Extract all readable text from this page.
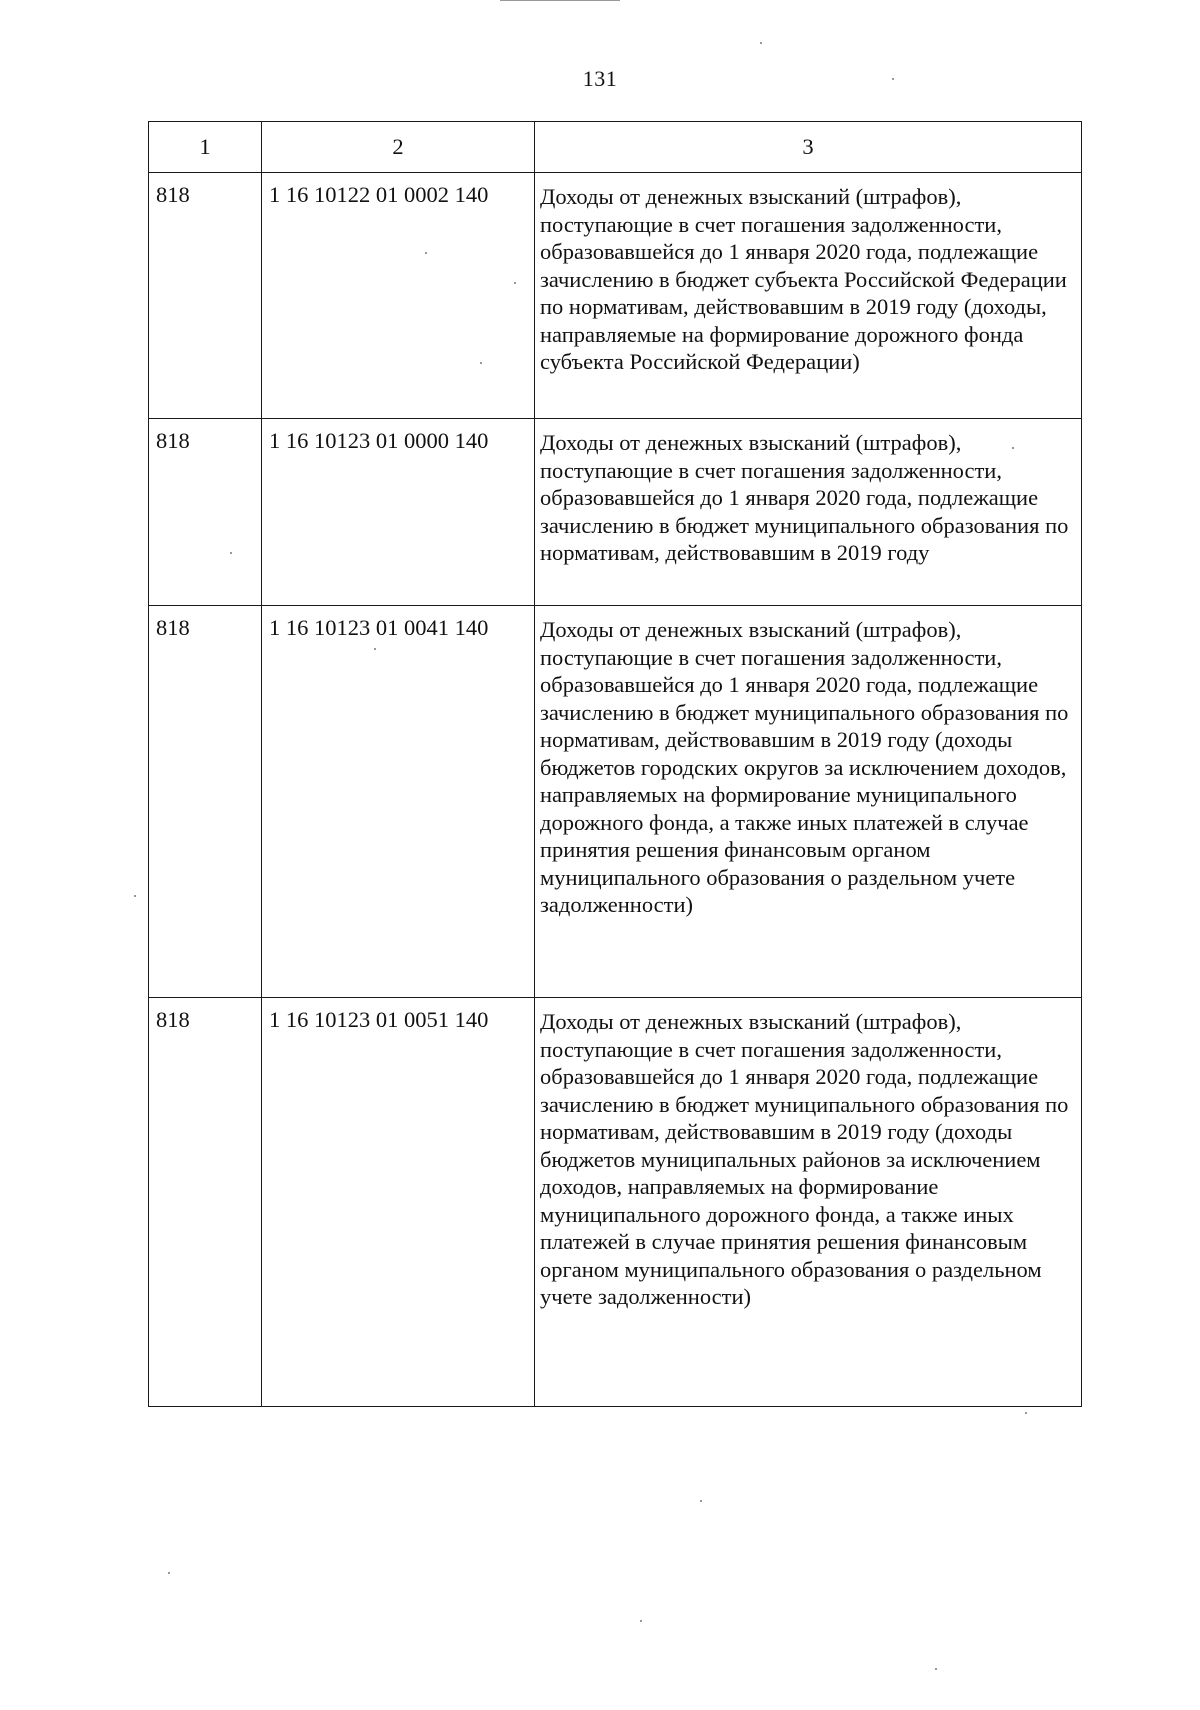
131
1	2	3

818	1 16 10122 01 0002 140	Доходы от денежных взысканий (штрафов), поступающие в счет погашения задолженности, образовавшейся до 1 января 2020 года, подлежащие зачислению в бюджет субъекта Российской Федерации по нормативам, действовавшим в 2019 году (доходы, направляемые на формирование дорожного фонда субъекта Российской Федерации)

818	1 16 10123 01 0000 140	Доходы от денежных взысканий (штрафов), поступающие в счет погашения задолженности, образовавшейся до 1 января 2020 года, подлежащие зачислению в бюджет муниципального образования по нормативам, действовавшим в 2019 году

818	1 16 10123 01 0041 140	Доходы от денежных взысканий (штрафов), поступающие в счет погашения задолженности, образовавшейся до 1 января 2020 года, подлежащие зачислению в бюджет муниципального образования по нормативам, действовавшим в 2019 году (доходы бюджетов городских округов за исключением доходов, направляемых на формирование муниципального дорожного фонда, а также иных платежей в случае принятия решения финансовым органом муниципального образования о раздельном учете задолженности)

818	1 16 10123 01 0051 140	Доходы от денежных взысканий (штрафов), поступающие в счет погашения задолженности, образовавшейся до 1 января 2020 года, подлежащие зачислению в бюджет муниципального образования по нормативам, действовавшим в 2019 году (доходы бюджетов муниципальных районов за исключением доходов, направляемых на формирование муниципального дорожного фонда, а также иных платежей в случае принятия решения финансовым органом муниципального образования о раздельном учете задолженности)
